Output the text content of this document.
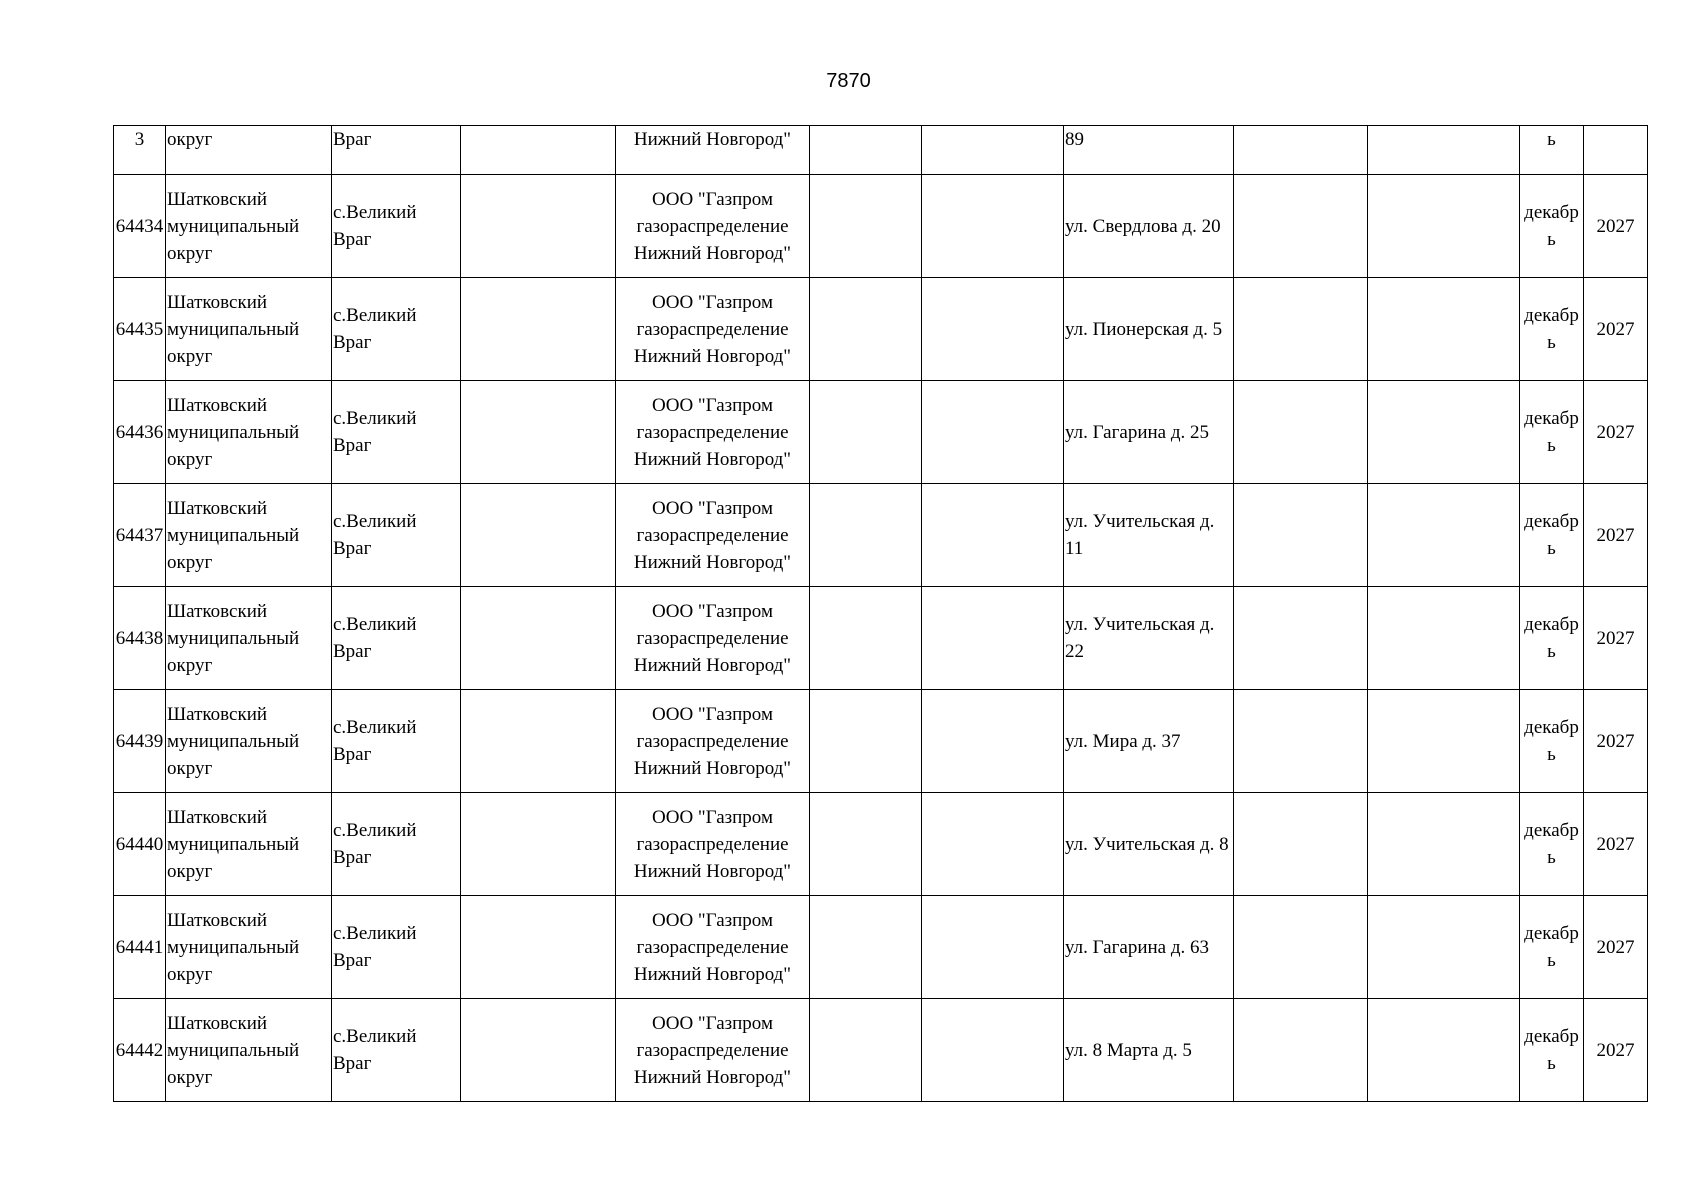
7870
3	округ	Враг		Нижний Новгород"			89			ь	
64434	Шатковский муниципальный округ	с.Великий Враг		ООО "Газпром газораспределение Нижний Новгород"			ул. Свердлова д. 20			декабрь	2027
64435	Шатковский муниципальный округ	с.Великий Враг		ООО "Газпром газораспределение Нижний Новгород"			ул. Пионерская д. 5			декабрь	2027
64436	Шатковский муниципальный округ	с.Великий Враг		ООО "Газпром газораспределение Нижний Новгород"			ул. Гагарина д. 25			декабрь	2027
64437	Шатковский муниципальный округ	с.Великий Враг		ООО "Газпром газораспределение Нижний Новгород"			ул. Учительская д. 11			декабрь	2027
64438	Шатковский муниципальный округ	с.Великий Враг		ООО "Газпром газораспределение Нижний Новгород"			ул. Учительская д. 22			декабрь	2027
64439	Шатковский муниципальный округ	с.Великий Враг		ООО "Газпром газораспределение Нижний Новгород"			ул. Мира д. 37			декабрь	2027
64440	Шатковский муниципальный округ	с.Великий Враг		ООО "Газпром газораспределение Нижний Новгород"			ул. Учительская д. 8			декабрь	2027
64441	Шатковский муниципальный округ	с.Великий Враг		ООО "Газпром газораспределение Нижний Новгород"			ул. Гагарина д. 63			декабрь	2027
64442	Шатковский муниципальный округ	с.Великий Враг		ООО "Газпром газораспределение Нижний Новгород"			ул. 8 Марта д. 5			декабрь	2027
